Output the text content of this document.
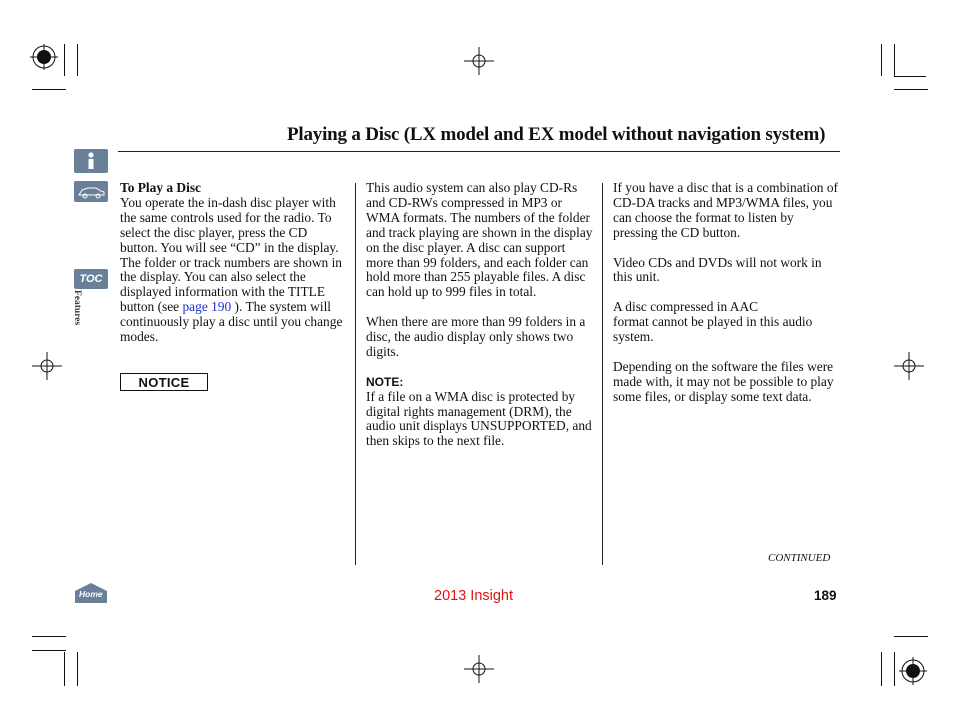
Playing a Disc (LX model and EX model without navigation system)
TOC
Features
Home
To Play a Disc
You operate the in-dash disc player with the same controls used for the radio. To select the disc player, press the CD button. You will see “CD” in the display. The folder or track numbers are shown in the display. You can also select the displayed information with the TITLE button (see page 190 ). The system will continuously play a disc until you change modes.
NOTICE

This audio system can also play CD-Rs and CD-RWs compressed in MP3 or WMA formats. The numbers of the folder and track playing are shown in the display on the disc player. A disc can support more than 99 folders, and each folder can hold more than 255 playable files. A disc can hold up to 999 files in total.

When there are more than 99 folders in a disc, the audio display only shows two digits.

NOTE:
If a file on a WMA disc is protected by digital rights management (DRM), the audio unit displays UNSUPPORTED, and then skips to the next file.

If you have a disc that is a combination of CD-DA tracks and MP3/WMA files, you can choose the format to listen by pressing the CD button.

Video CDs and DVDs will not work in this unit.

A disc compressed in AAC
format cannot be played in this audio system.

Depending on the software the files were made with, it may not be possible to play some files, or display some text data.

CONTINUED
2013 Insight	189
